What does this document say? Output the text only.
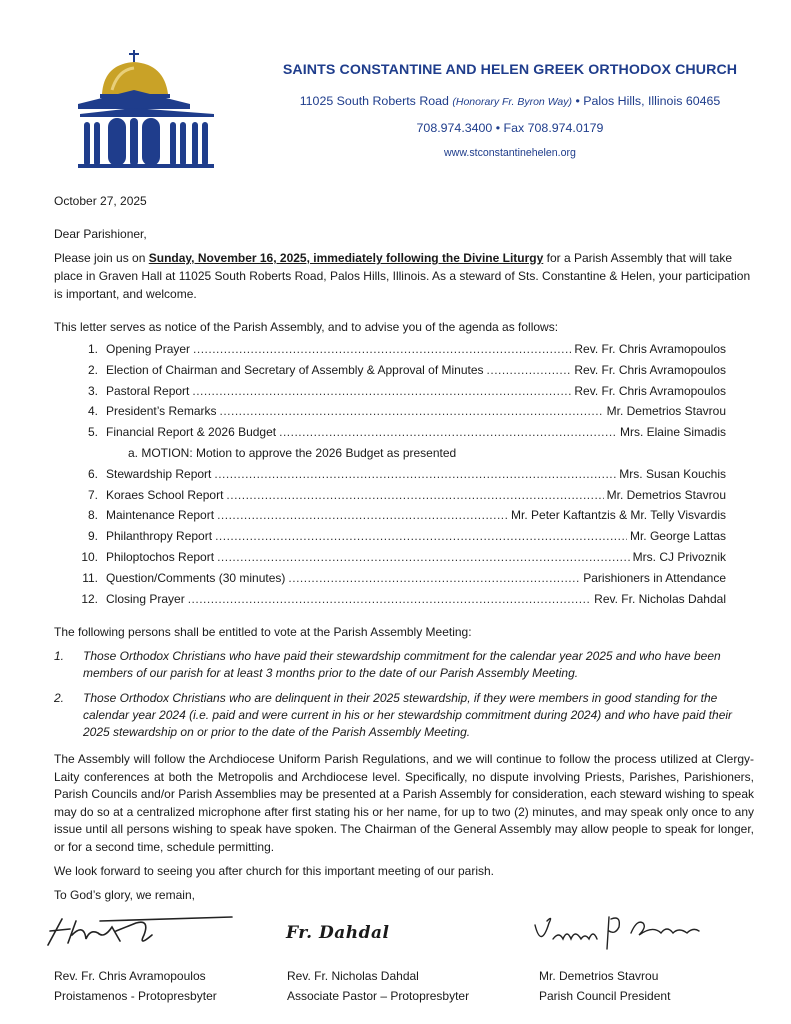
SAINTS CONSTANTINE AND HELEN GREEK ORTHODOX CHURCH
11025 South Roberts Road (Honorary Fr. Byron Way) • Palos Hills, Illinois 60465
708.974.3400 • Fax 708.974.0179
www.stconstantinehelen.org
October 27, 2025
Dear Parishioner,
Please join us on Sunday, November 16, 2025, immediately following the Divine Liturgy for a Parish Assembly that will take place in Graven Hall at 11025 South Roberts Road, Palos Hills, Illinois. As a steward of Sts. Constantine & Helen, your participation is important, and welcome.
This letter serves as notice of the Parish Assembly, and to advise you of the agenda as follows:
1. Opening Prayer .....	Rev. Fr. Chris Avramopoulos
2. Election of Chairman and Secretary of Assembly & Approval of Minutes .....	Rev. Fr. Chris Avramopoulos
3. Pastoral Report .....	Rev. Fr. Chris Avramopoulos
4. President’s Remarks .....	Mr. Demetrios Stavrou
5. Financial Report & 2026 Budget .....	Mrs. Elaine Simadis
a. MOTION: Motion to approve the 2026 Budget as presented
6. Stewardship Report .....	Mrs. Susan Kouchis
7. Koraes School Report .....	Mr. Demetrios Stavrou
8. Maintenance Report .....	Mr. Peter Kaftantzis & Mr. Telly Visvardis
9. Philanthropy Report .....	Mr. George Lattas
10. Philoptochos Report .....	Mrs. CJ Privoznik
11. Question/Comments (30 minutes) .....	Parishioners in Attendance
12. Closing Prayer .....	Rev. Fr. Nicholas Dahdal
The following persons shall be entitled to vote at the Parish Assembly Meeting:
1.	Those Orthodox Christians who have paid their stewardship commitment for the calendar year 2025 and who have been members of our parish for at least 3 months prior to the date of our Parish Assembly Meeting.
2.	Those Orthodox Christians who are delinquent in their 2025 stewardship, if they were members in good standing for the calendar year 2024 (i.e. paid and were current in his or her stewardship commitment during 2024) and who have paid their 2025 stewardship on or prior to the date of the Parish Assembly Meeting.
The Assembly will follow the Archdiocese Uniform Parish Regulations, and we will continue to follow the process utilized at Clergy-Laity conferences at both the Metropolis and Archdiocese level. Specifically, no dispute involving Priests, Parishes, Parishioners, Parish Councils and/or Parish Assemblies may be presented at a Parish Assembly for consideration, each steward wishing to speak may do so at a centralized microphone after first stating his or her name, for up to two (2) minutes, and may speak only once to any issue until all persons wishing to speak have spoken. The Chairman of the General Assembly may allow people to speak for longer, or for a second time, schedule permitting.
We look forward to seeing you after church for this important meeting of our parish.
To God’s glory, we remain,
Fr. Dahdal
Rev. Fr. Chris Avramopoulos
Proistamenos - Protopresbyter
Rev. Fr. Nicholas Dahdal
Associate Pastor – Protopresbyter
Mr. Demetrios Stavrou
Parish Council President
